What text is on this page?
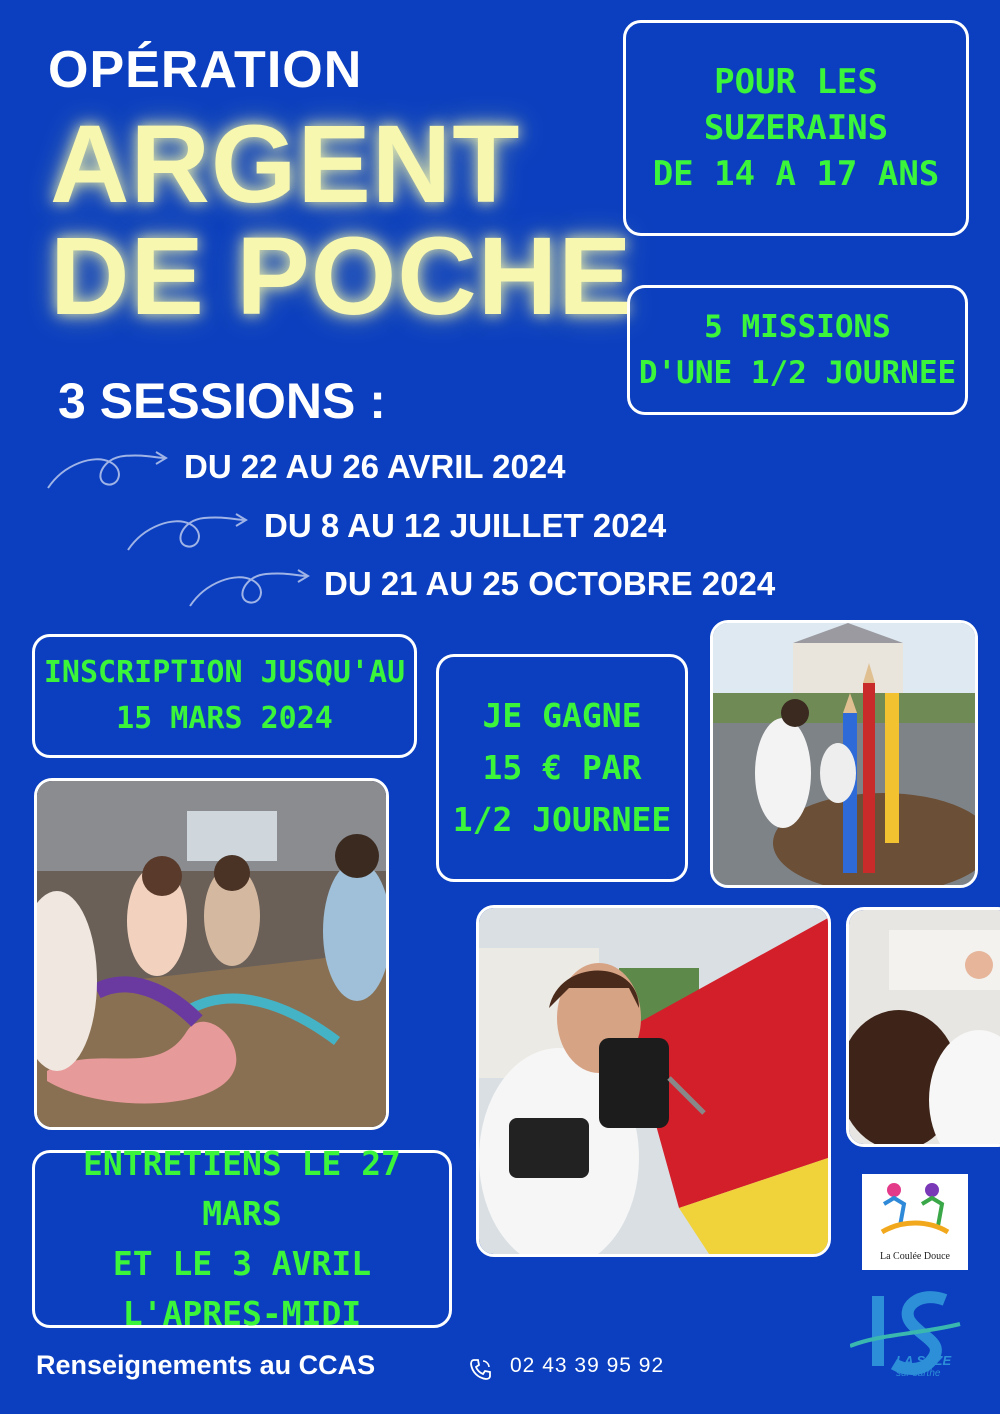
OPÉRATION
ARGENT
DE POCHE
POUR LES
SUZERAINS
DE 14 A 17 ANS
5 MISSIONS
D'UNE 1/2 JOURNEE
3 SESSIONS :
DU 22 AU 26 AVRIL 2024
DU 8 AU 12 JUILLET 2024
DU 21 AU 25 OCTOBRE 2024
INSCRIPTION JUSQU'AU
15 MARS 2024	JE GAGNE
15 € PAR
1/2 JOURNEE
ENTRETIENS LE 27 MARS
ET LE 3 AVRIL
L'APRES-MIDI
La Coulée Douce
LA SUZE
sur sarthe
Renseignements au CCAS	02 43 39 95 92
